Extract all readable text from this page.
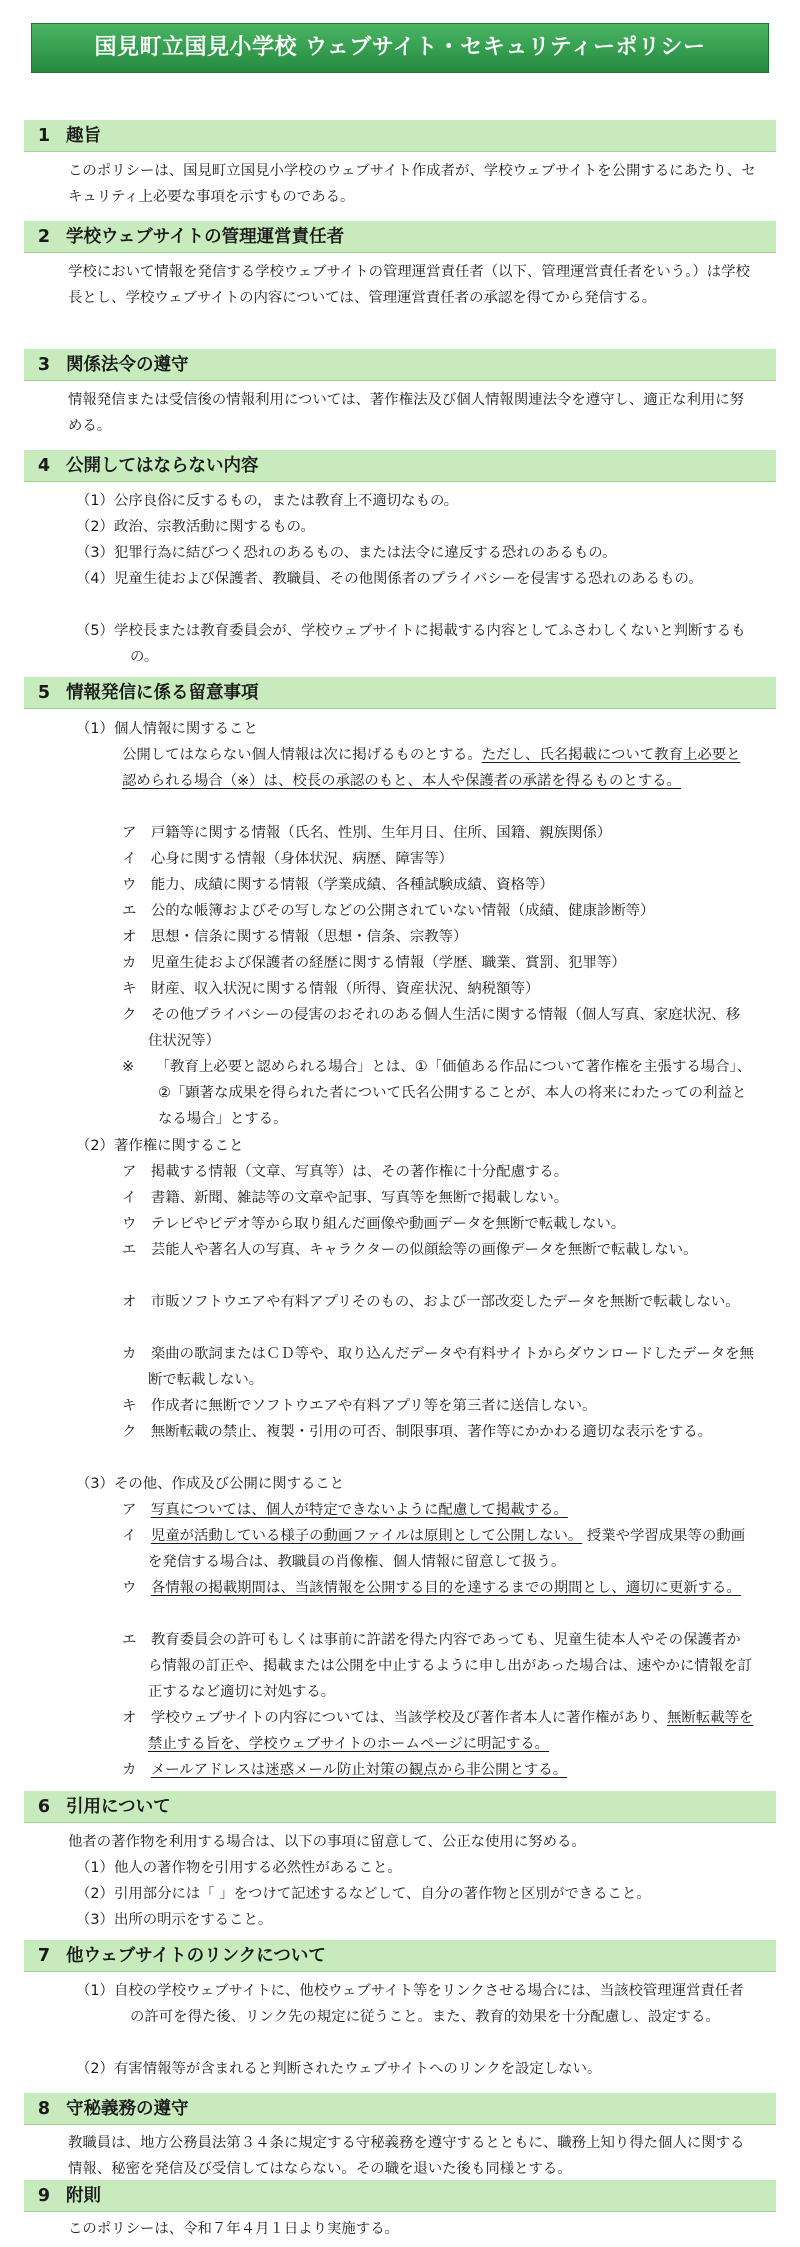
国見町立国見小学校 ウェブサイト・セキュリティーポリシー
1 趣旨
このポリシーは、国見町立国見小学校のウェブサイト作成者が、学校ウェブサイトを公開するにあたり、セキュリティ上必要な事項を示すものである。
2 学校ウェブサイトの管理運営責任者
学校において情報を発信する学校ウェブサイトの管理運営責任者（以下、管理運営責任者をいう。）は学校長とし、学校ウェブサイトの内容については、管理運営責任者の承認を得てから発信する。
3 関係法令の遵守
情報発信または受信後の情報利用については、著作権法及び個人情報関連法令を遵守し、適正な利用に努める。
4 公開してはならない内容
（1）公序良俗に反するもの，または教育上不適切なもの。
（2）政治、宗教活動に関するもの。
（3）犯罪行為に結びつく恐れのあるもの、または法令に違反する恐れのあるもの。
（4）児童生徒および保護者、教職員、その他関係者のプライバシーを侵害する恐れのあるもの。
（5）学校長または教育委員会が、学校ウェブサイトに掲載する内容としてふさわしくないと判断するもの。
5 情報発信に係る留意事項
（1）個人情報に関すること
公開してはならない個人情報は次に掲げるものとする。ただし、氏名掲載について教育上必要と認められる場合（※）は、校長の承認のもと、本人や保護者の承諾を得るものとする。
ア　 戸籍等に関する情報（氏名、性別、生年月日、住所、国籍、親族関係）
イ　 心身に関する情報（身体状況、病歴、障害等）
ウ　 能力、成績に関する情報（学業成績、各種試験成績、資格等）
エ　 公的な帳簿およびその写しなどの公開されていない情報（成績、健康診断等）
オ　 思想・信条に関する情報（思想・信条、宗教等）
カ　 児童生徒および保護者の経歴に関する情報（学歴、職業、賞罰、犯罪等）
キ　 財産、収入状況に関する情報（所得、資産状況、納税額等）
ク　 その他プライバシーの侵害のおそれのある個人生活に関する情報（個人写真、家庭状況、移住状況等）
※　　 「教育上必要と認められる場合」とは、①「価値ある作品について著作権を主張する場合」、②「顕著な成果を得られた者について氏名公開することが、本人の将来にわたっての利益となる場合」とする。
（2）著作権に関すること
ア　 掲載する情報（文章、写真等）は、その著作権に十分配慮する。
イ　 書籍、新聞、雑誌等の文章や記事、写真等を無断で掲載しない。
ウ　 テレビやビデオ等から取り組んだ画像や動画データを無断で転載しない。
エ　 芸能人や著名人の写真、キャラクターの似顔絵等の画像データを無断で転載しない。
オ　 市販ソフトウエアや有料アプリそのもの、および一部改変したデータを無断で転載しない。
カ　 楽曲の歌詞またはＣＤ等や、取り込んだデータや有料サイトからダウンロードしたデータを無断で転載しない。
キ　 作成者に無断でソフトウエアや有料アプリ等を第三者に送信しない。
ク　 無断転載の禁止、複製・引用の可否、制限事項、著作等にかかわる適切な表示をする。
（3）その他、作成及び公開に関すること
ア　 写真については、個人が特定できないように配慮して掲載する。
イ　 児童が活動している様子の動画ファイルは原則として公開しない。 授業や学習成果等の動画を発信する場合は、教職員の肖像権、個人情報に留意して扱う。
ウ　 各情報の掲載期間は、当該情報を公開する目的を達するまでの期間とし、適切に更新する。
エ　 教育委員会の許可もしくは事前に許諾を得た内容であっても、児童生徒本人やその保護者から情報の訂正や、掲載または公開を中止するように申し出があった場合は、速やかに情報を訂正するなど適切に対処する。
オ　 学校ウェブサイトの内容については、当該学校及び著作者本人に著作権があり、無断転載等を禁止する旨を、学校ウェブサイトのホームページに明記する。
カ　 メールアドレスは迷惑メール防止対策の観点から非公開とする。
6 引用について
他者の著作物を利用する場合は、以下の事項に留意して、公正な使用に努める。
（1）他人の著作物を引用する必然性があること。
（2）引用部分には「 」をつけて記述するなどして、自分の著作物と区別ができること。
（3）出所の明示をすること。
7 他ウェブサイトのリンクについて
（1）自校の学校ウェブサイトに、他校ウェブサイト等をリンクさせる場合には、当該校管理運営責任者の許可を得た後、リンク先の規定に従うこと。また、教育的効果を十分配慮し、設定する。
（2）有害情報等が含まれると判断されたウェブサイトへのリンクを設定しない。
8 守秘義務の遵守
教職員は、地方公務員法第３４条に規定する守秘義務を遵守するとともに、職務上知り得た個人に関する情報、秘密を発信及び受信してはならない。その職を退いた後も同様とする。
9 附則
このポリシーは、令和７年４月１日より実施する。
